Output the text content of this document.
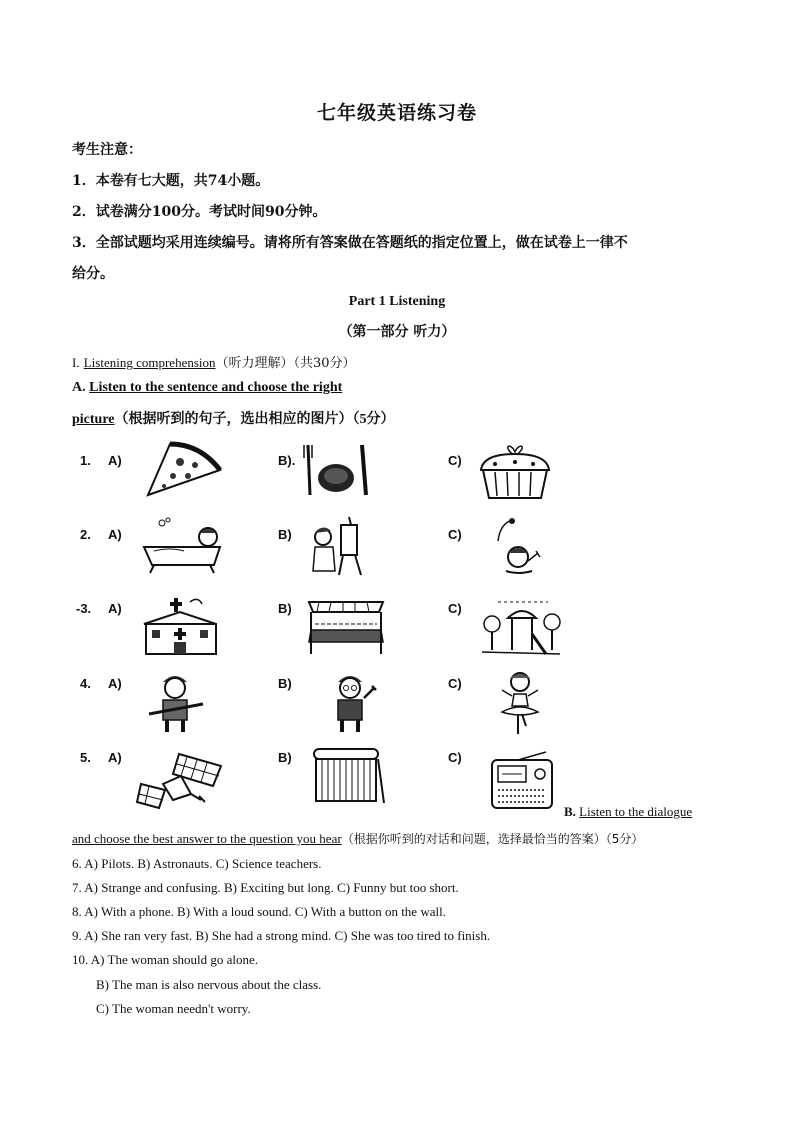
七年级英语练习卷
考生注意：
1．本卷有七大题，共74小题。
2．试卷满分100分。考试时间90分钟。
3．全部试题均采用连续编号。请将所有答案做在答题纸的指定位置上，做在试卷上一律不
给分。
Part 1 Listening
（第一部分 听力）
I. Listening comprehension（听力理解）（共30分）
A. Listen to the sentence and choose the right
picture（根据听到的句子，选出相应的图片）（5分）
1. A)	B).	C)
2. A)	B)	C)
-3. A)	B)	C)
4. A)	B)	C)
5. A)	B)	C)
B. Listen to the dialogue
and choose the best answer to the question you hear（根据你听到的对话和问题，选择最恰当的答案）（5分）
6. A) Pilots. B) Astronauts. C) Science teachers.
7. A) Strange and confusing. B) Exciting but long. C) Funny but too short.
8. A) With a phone. B) With a loud sound. C) With a button on the wall.
9. A) She ran very fast. B) She had a strong mind. C) She was too tired to finish.
10. A) The woman should go alone.
B) The man is also nervous about the class.
C) The woman needn't worry.
